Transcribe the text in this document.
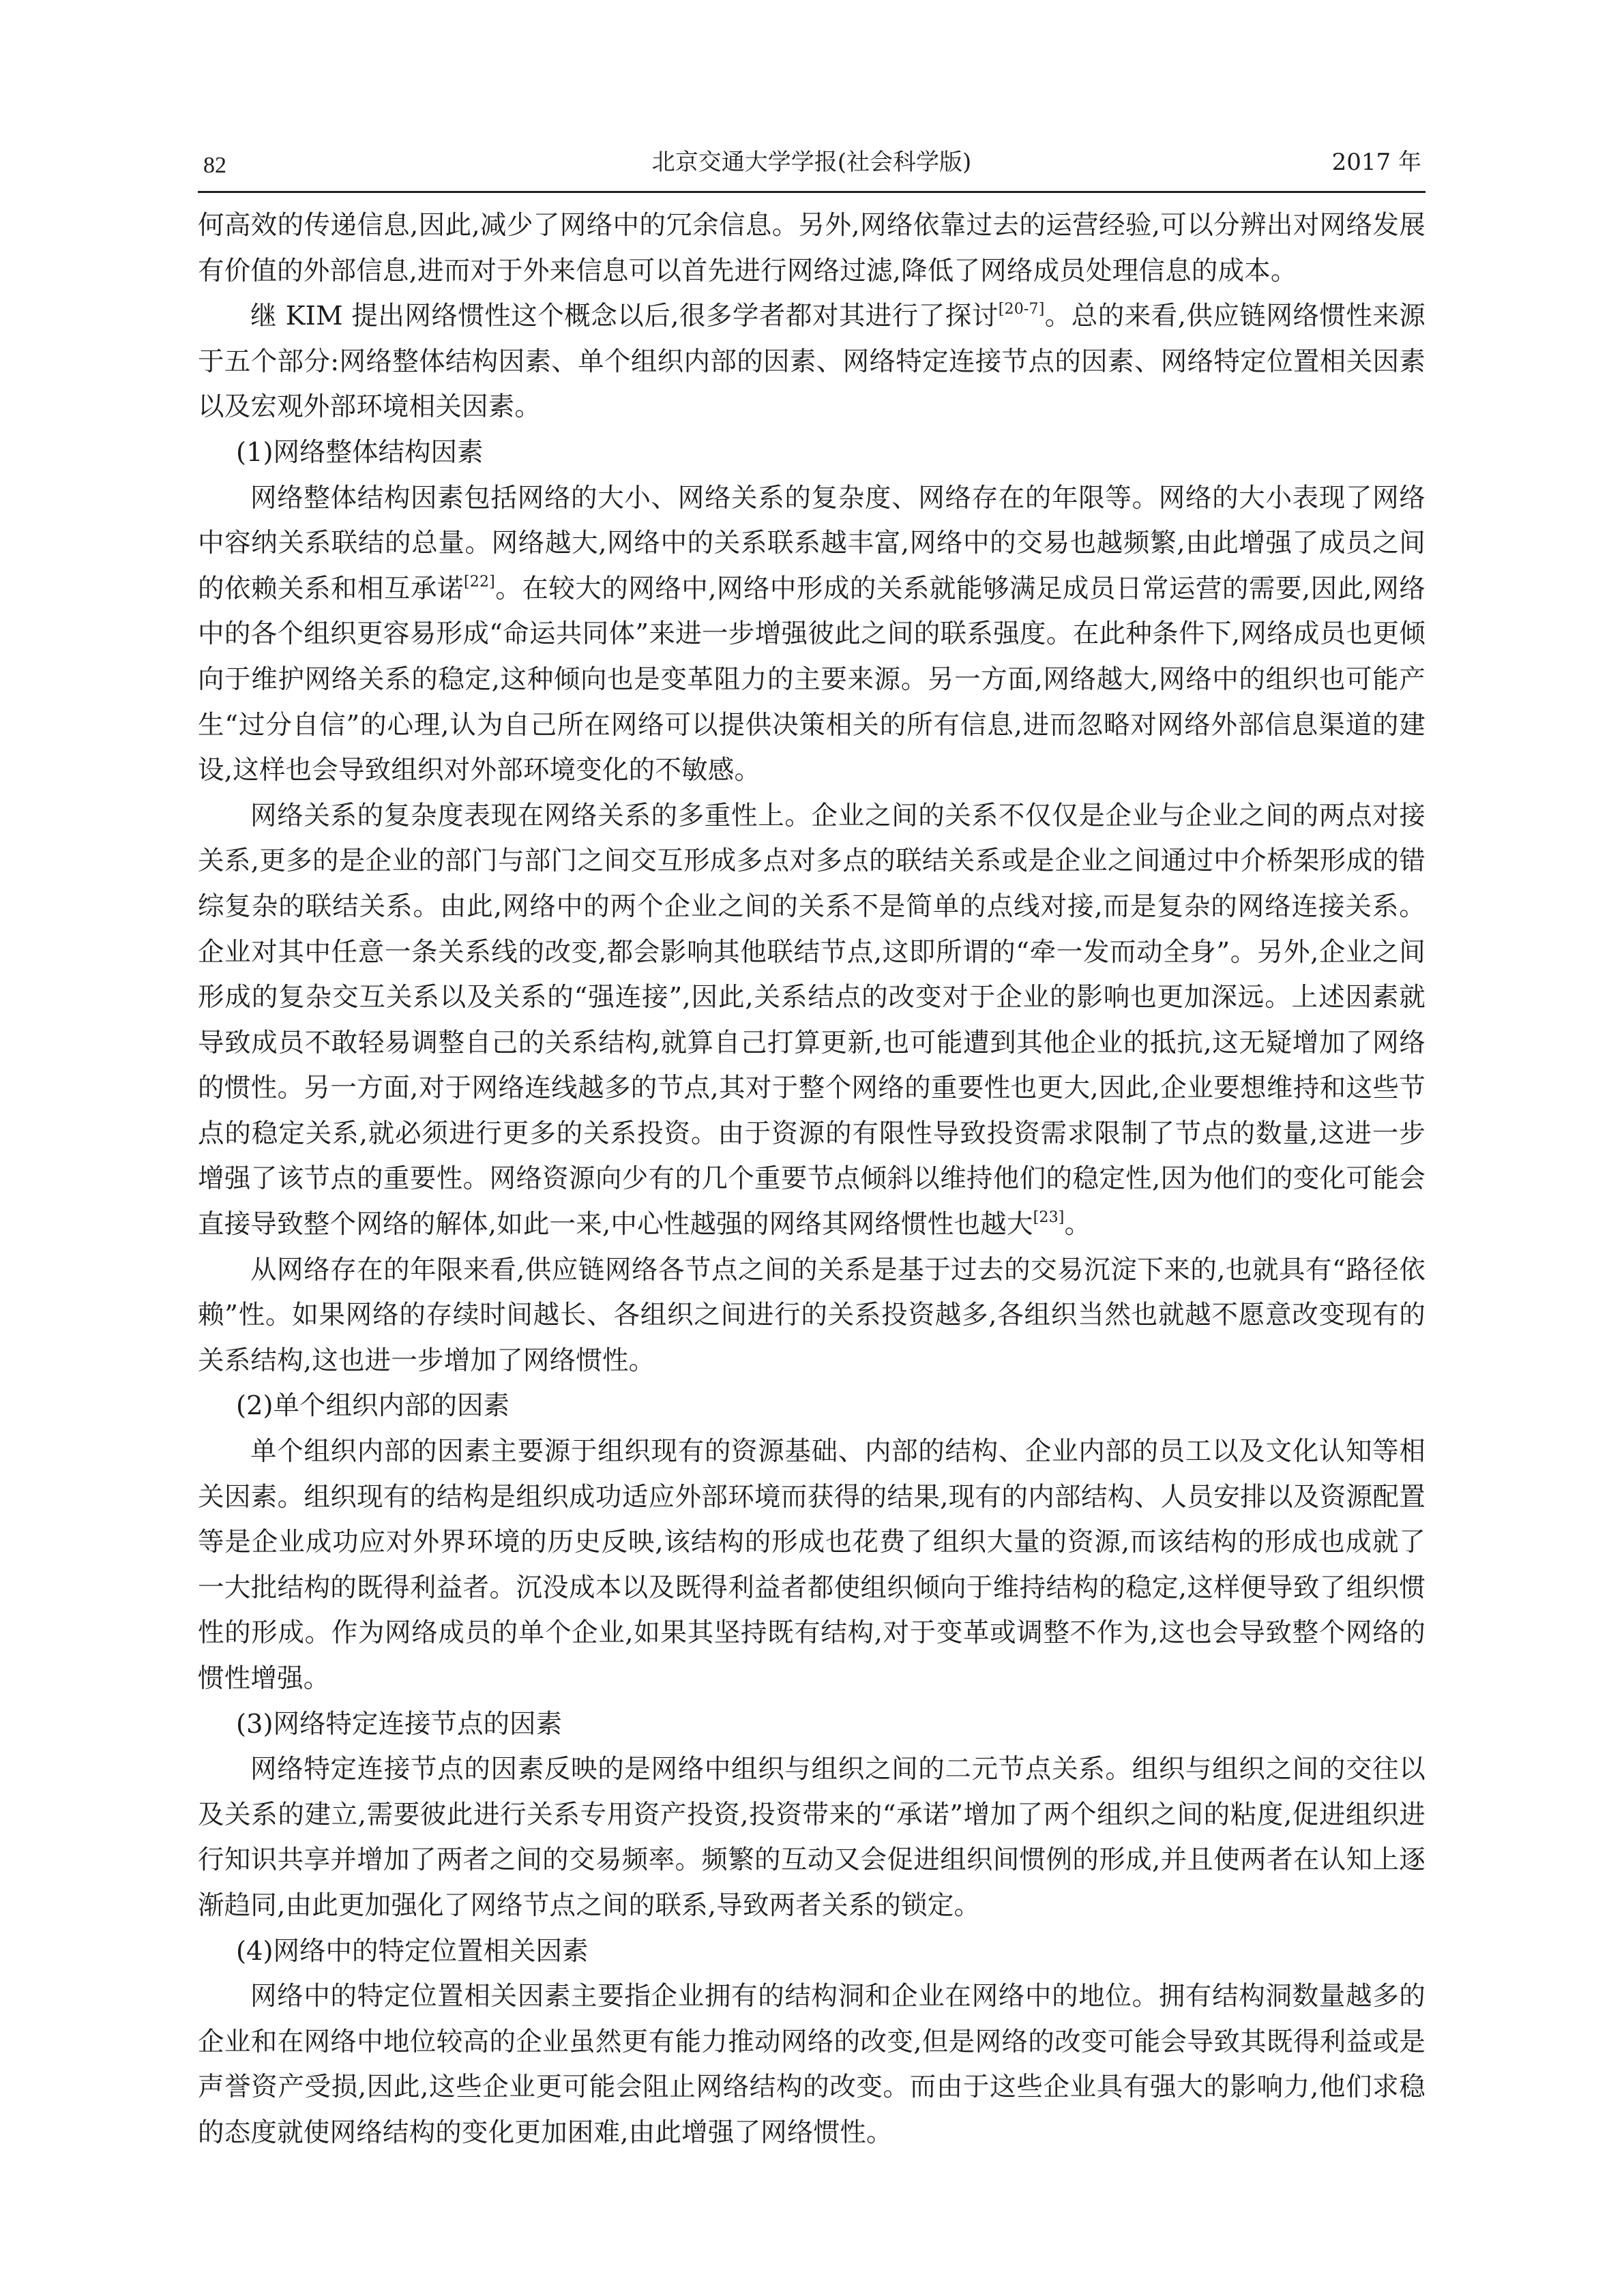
82	北京交通大学学报(社会科学版)	2017 年

何高效的传递信息,因此,减少了网络中的冗余信息。另外,网络依靠过去的运营经验,可以分辨出对网络发展有价值的外部信息,进而对于外来信息可以首先进行网络过滤,降低了网络成员处理信息的成本。

继 KIM 提出网络惯性这个概念以后,很多学者都对其进行了探讨[20-7]。总的来看,供应链网络惯性来源于五个部分:网络整体结构因素、单个组织内部的因素、网络特定连接节点的因素、网络特定位置相关因素以及宏观外部环境相关因素。

(1)网络整体结构因素

网络整体结构因素包括网络的大小、网络关系的复杂度、网络存在的年限等。网络的大小表现了网络中容纳关系联结的总量。网络越大,网络中的关系联系越丰富,网络中的交易也越频繁,由此增强了成员之间的依赖关系和相互承诺[22]。在较大的网络中,网络中形成的关系就能够满足成员日常运营的需要,因此,网络中的各个组织更容易形成“命运共同体”来进一步增强彼此之间的联系强度。在此种条件下,网络成员也更倾向于维护网络关系的稳定,这种倾向也是变革阻力的主要来源。另一方面,网络越大,网络中的组织也可能产生“过分自信”的心理,认为自己所在网络可以提供决策相关的所有信息,进而忽略对网络外部信息渠道的建设,这样也会导致组织对外部环境变化的不敏感。

网络关系的复杂度表现在网络关系的多重性上。企业之间的关系不仅仅是企业与企业之间的两点对接关系,更多的是企业的部门与部门之间交互形成多点对多点的联结关系或是企业之间通过中介桥架形成的错综复杂的联结关系。由此,网络中的两个企业之间的关系不是简单的点线对接,而是复杂的网络连接关系。企业对其中任意一条关系线的改变,都会影响其他联结节点,这即所谓的“牵一发而动全身”。另外,企业之间形成的复杂交互关系以及关系的“强连接”,因此,关系结点的改变对于企业的影响也更加深远。上述因素就导致成员不敢轻易调整自己的关系结构,就算自己打算更新,也可能遭到其他企业的抵抗,这无疑增加了网络的惯性。另一方面,对于网络连线越多的节点,其对于整个网络的重要性也更大,因此,企业要想维持和这些节点的稳定关系,就必须进行更多的关系投资。由于资源的有限性导致投资需求限制了节点的数量,这进一步增强了该节点的重要性。网络资源向少有的几个重要节点倾斜以维持他们的稳定性,因为他们的变化可能会直接导致整个网络的解体,如此一来,中心性越强的网络其网络惯性也越大[23]。

从网络存在的年限来看,供应链网络各节点之间的关系是基于过去的交易沉淀下来的,也就具有“路径依赖”性。如果网络的存续时间越长、各组织之间进行的关系投资越多,各组织当然也就越不愿意改变现有的关系结构,这也进一步增加了网络惯性。

(2)单个组织内部的因素

单个组织内部的因素主要源于组织现有的资源基础、内部的结构、企业内部的员工以及文化认知等相关因素。组织现有的结构是组织成功适应外部环境而获得的结果,现有的内部结构、人员安排以及资源配置等是企业成功应对外界环境的历史反映,该结构的形成也花费了组织大量的资源,而该结构的形成也成就了一大批结构的既得利益者。沉没成本以及既得利益者都使组织倾向于维持结构的稳定,这样便导致了组织惯性的形成。作为网络成员的单个企业,如果其坚持既有结构,对于变革或调整不作为,这也会导致整个网络的惯性增强。

(3)网络特定连接节点的因素

网络特定连接节点的因素反映的是网络中组织与组织之间的二元节点关系。组织与组织之间的交往以及关系的建立,需要彼此进行关系专用资产投资,投资带来的“承诺”增加了两个组织之间的粘度,促进组织进行知识共享并增加了两者之间的交易频率。频繁的互动又会促进组织间惯例的形成,并且使两者在认知上逐渐趋同,由此更加强化了网络节点之间的联系,导致两者关系的锁定。

(4)网络中的特定位置相关因素

网络中的特定位置相关因素主要指企业拥有的结构洞和企业在网络中的地位。拥有结构洞数量越多的企业和在网络中地位较高的企业虽然更有能力推动网络的改变,但是网络的改变可能会导致其既得利益或是声誉资产受损,因此,这些企业更可能会阻止网络结构的改变。而由于这些企业具有强大的影响力,他们求稳的态度就使网络结构的变化更加困难,由此增强了网络惯性。
